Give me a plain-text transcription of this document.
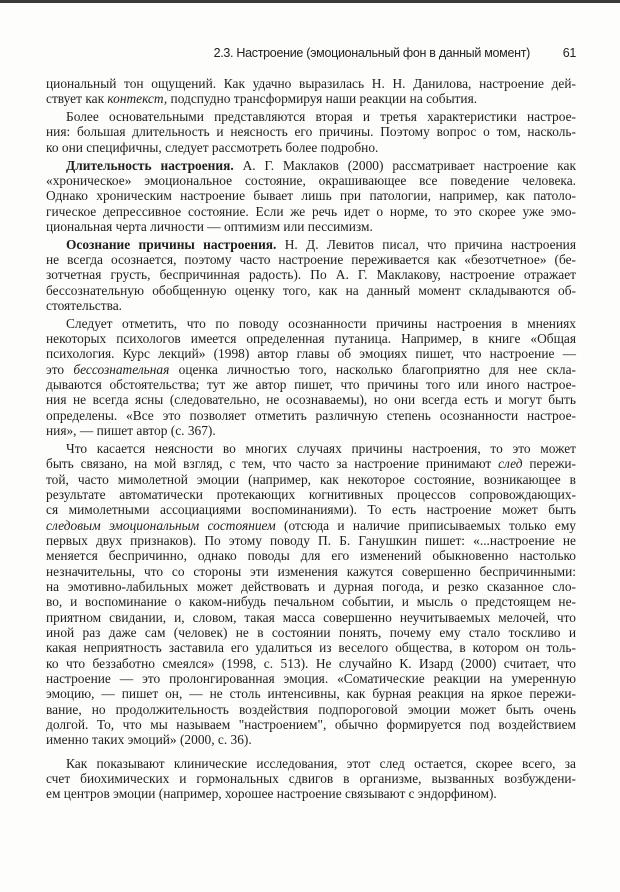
2.3. Настроение (эмоциональный фон в данный момент)	61
циональный тон ощущений. Как удачно выразилась Н. Н. Данилова, настроение дей-
ствует как контекст, подспудно трансформируя наши реакции на события.
Более основательными представляются вторая и третья характеристики настрое-
ния: большая длительность и неясность его причины. Поэтому вопрос о том, насколь-
ко они специфичны, следует рассмотреть более подробно.
Длительность настроения. А. Г. Маклаков (2000) рассматривает настроение как
«хроническое» эмоциональное состояние, окрашивающее все поведение человека.
Однако хроническим настроение бывает лишь при патологии, например, как патоло-
гическое депрессивное состояние. Если же речь идет о норме, то это скорее уже эмо-
циональная черта личности — оптимизм или пессимизм.
Осознание причины настроения. Н. Д. Левитов писал, что причина настроения
не всегда осознается, поэтому часто настроение переживается как «безотчетное» (бе-
зотчетная грусть, беспричинная радость). По А. Г. Маклакову, настроение отражает
бессознательную обобщенную оценку того, как на данный момент складываются об-
стоятельства.
Следует отметить, что по поводу осознанности причины настроения в мнениях
некоторых психологов имеется определенная путаница. Например, в книге «Общая
психология. Курс лекций» (1998) автор главы об эмоциях пишет, что настроение —
это бессознательная оценка личностью того, насколько благоприятно для нее скла-
дываются обстоятельства; тут же автор пишет, что причины того или иного настрое-
ния не всегда ясны (следовательно, не осознаваемы), но они всегда есть и могут быть
определены. «Все это позволяет отметить различную степень осознанности настрое-
ния», — пишет автор (с. 367).
Что касается неясности во многих случаях причины настроения, то это может
быть связано, на мой взгляд, с тем, что часто за настроение принимают след пережи-
той, часто мимолетной эмоции (например, как некоторое состояние, возникающее в
результате автоматически протекающих когнитивных процессов сопровождающих-
ся мимолетными ассоциациями воспоминаниями). То есть настроение может быть
следовым эмоциональным состоянием (отсюда и наличие приписываемых только ему
первых двух признаков). По этому поводу П. Б. Ганушкин пишет: «...настроение не
меняется беспричинно, однако поводы для его изменений обыкновенно настолько
незначительны, что со стороны эти изменения кажутся совершенно беспричинными:
на эмотивно-лабильных может действовать и дурная погода, и резко сказанное сло-
во, и воспоминание о каком-нибудь печальном событии, и мысль о предстоящем не-
приятном свидании, и, словом, такая масса совершенно неучитываемых мелочей, что
иной раз даже сам (человек) не в состоянии понять, почему ему стало тоскливо и
какая неприятность заставила его удалиться из веселого общества, в котором он толь-
ко что беззаботно смеялся» (1998, с. 513). Не случайно К. Изард (2000) считает, что
настроение — это пролонгированная эмоция. «Соматические реакции на умеренную
эмоцию, — пишет он, — не столь интенсивны, как бурная реакция на яркое пережи-
вание, но продолжительность воздействия подпороговой эмоции может быть очень
долгой. То, что мы называем "настроением", обычно формируется под воздействием
именно таких эмоций» (2000, с. 36).
Как показывают клинические исследования, этот след остается, скорее всего, за
счет биохимических и гормональных сдвигов в организме, вызванных возбуждени-
ем центров эмоции (например, хорошее настроение связывают с эндорфином).
